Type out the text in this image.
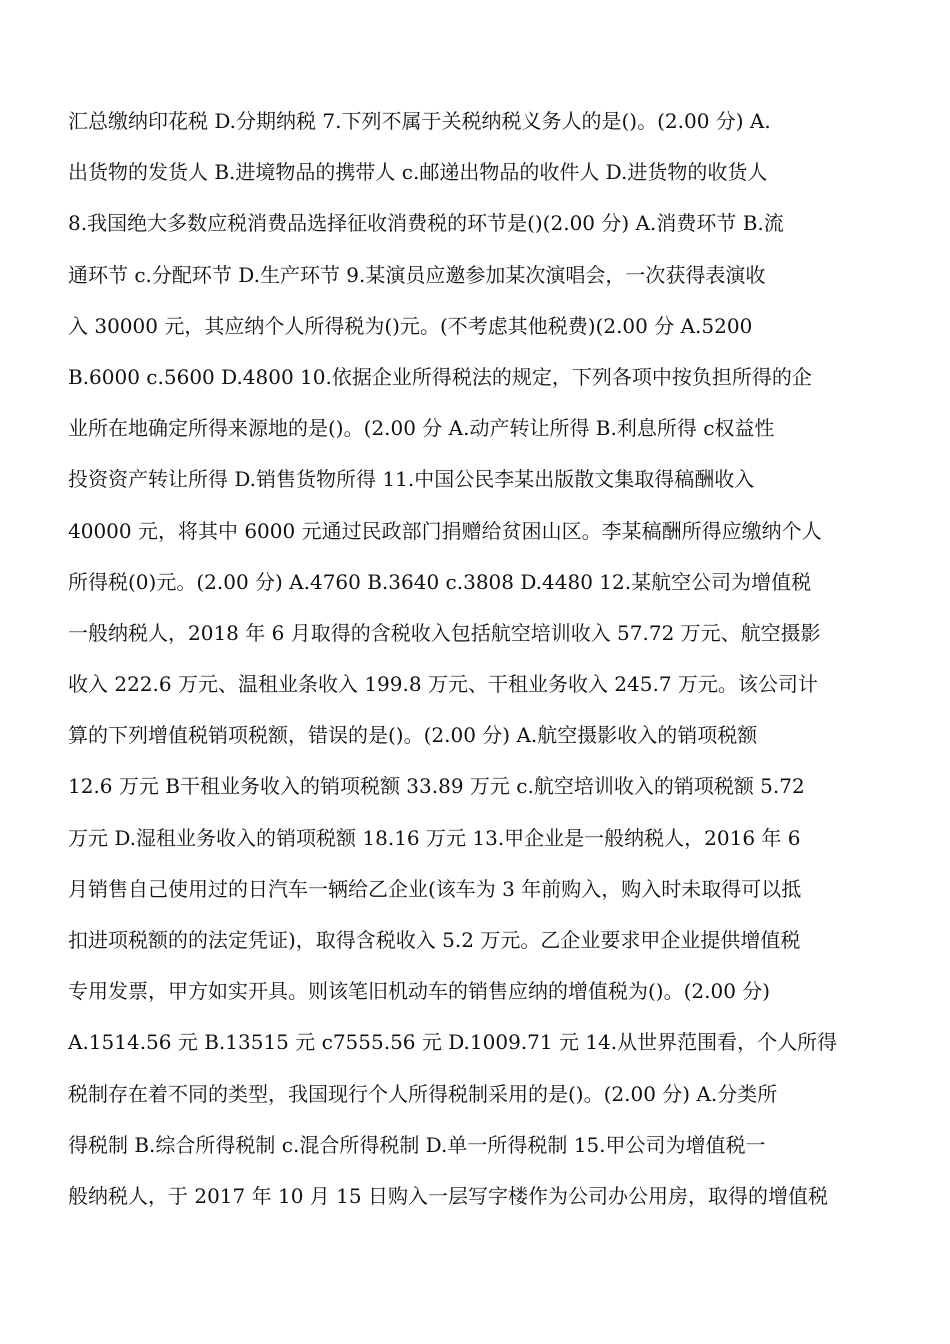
汇总缴纳印花税 D.分期纳税 7.下列不属于关税纳税义务人的是()。(2.00 分) A.
出货物的发货人 B.进境物品的携带人 c.邮递出物品的收件人 D.进货物的收货人
8.我国绝大多数应税消费品选择征收消费税的环节是()(2.00 分) A.消费环节 B.流
通环节 c.分配环节 D.生产环节 9.某演员应邀参加某次演唱会，一次获得表演收
入 30000 元，其应纳个人所得税为()元。(不考虑其他税费)(2.00 分 A.5200
B.6000 c.5600 D.4800 10.依据企业所得税法的规定，下列各项中按负担所得的企
业所在地确定所得来源地的是()。(2.00 分 A.动产转让所得 B.利息所得 c权益性
投资资产转让所得 D.销售货物所得 11.中国公民李某出版散文集取得稿酬收入
40000 元，将其中 6000 元通过民政部门捐赠给贫困山区。李某稿酬所得应缴纳个人
所得税(0)元。(2.00 分) A.4760 B.3640 c.3808 D.4480 12.某航空公司为增值税
一般纳税人，2018 年 6 月取得的含税收入包括航空培训收入 57.72 万元、航空摄影
收入 222.6 万元、温租业条收入 199.8 万元、干租业务收入 245.7 万元。该公司计
算的下列增值税销项税额，错误的是()。(2.00 分) A.航空摄影收入的销项税额
12.6 万元 B干租业务收入的销项税额 33.89 万元 c.航空培训收入的销项税额 5.72
万元 D.湿租业务收入的销项税额 18.16 万元 13.甲企业是一般纳税人，2016 年 6
月销售自己使用过的日汽车一辆给乙企业(该车为 3 年前购入，购入时未取得可以抵
扣进项税额的的法定凭证)，取得含税收入 5.2 万元。乙企业要求甲企业提供增值税
专用发票，甲方如实开具。则该笔旧机动车的销售应纳的增值税为()。(2.00 分)
A.1514.56 元 B.13515 元 c7555.56 元 D.1009.71 元 14.从世界范围看，个人所得
税制存在着不同的类型，我国现行个人所得税制采用的是()。(2.00 分) A.分类所
得税制 B.综合所得税制 c.混合所得税制 D.单一所得税制 15.甲公司为增值税一
般纳税人，于 2017 年 10 月 15 日购入一层写字楼作为公司办公用房，取得的增值税
